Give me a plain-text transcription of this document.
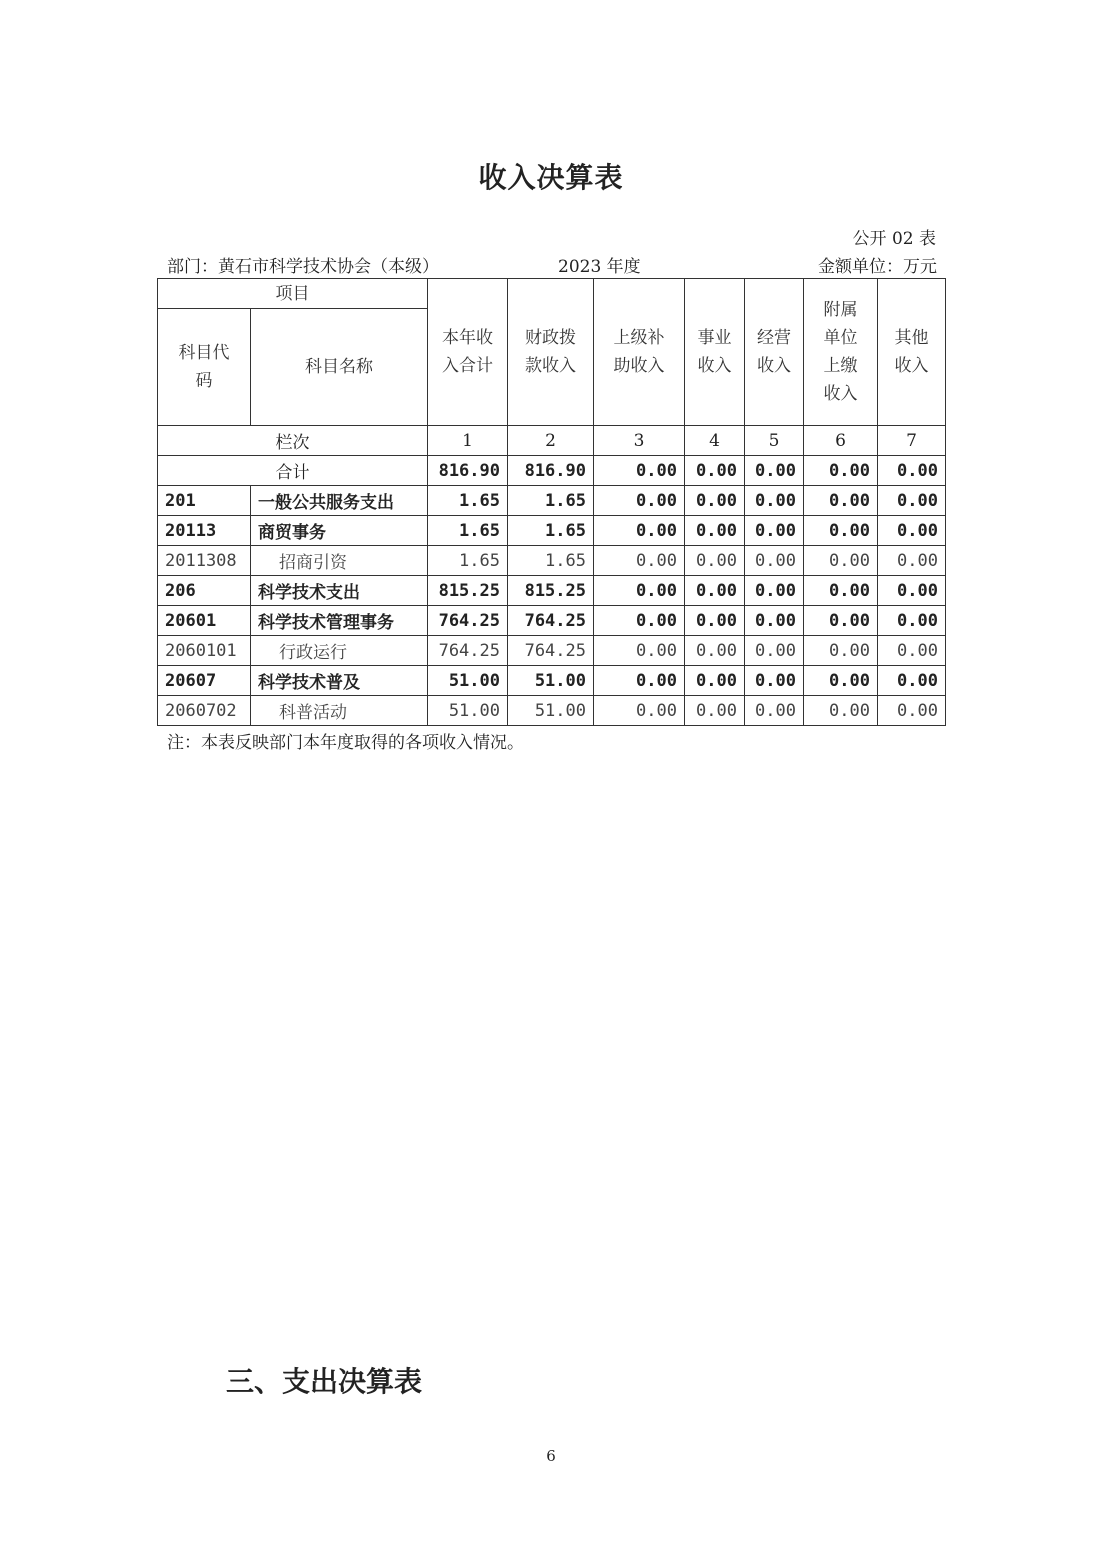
收入决算表
公开 02 表
部门：黄石市科学技术协会（本级）	2023 年度	金额单位：万元
项目		本年收入合计	财政拨款收入	上级补助收入	事业收入	经营收入	附属单位上缴收入	其他收入

科目代码	科目名称							
栏次		1	2	3	4	5	6	7
合计		816.90	816.90	0.00	0.00	0.00	0.00	0.00
201	一般公共服务支出	1.65	1.65	0.00	0.00	0.00	0.00	0.00
20113	商贸事务	1.65	1.65	0.00	0.00	0.00	0.00	0.00
2011308	招商引资	1.65	1.65	0.00	0.00	0.00	0.00	0.00
206	科学技术支出	815.25	815.25	0.00	0.00	0.00	0.00	0.00
20601	科学技术管理事务	764.25	764.25	0.00	0.00	0.00	0.00	0.00
2060101	行政运行	764.25	764.25	0.00	0.00	0.00	0.00	0.00
20607	科学技术普及	51.00	51.00	0.00	0.00	0.00	0.00	0.00
2060702	科普活动	51.00	51.00	0.00	0.00	0.00	0.00	0.00
注：本表反映部门本年度取得的各项收入情况。
三、支出决算表
6
